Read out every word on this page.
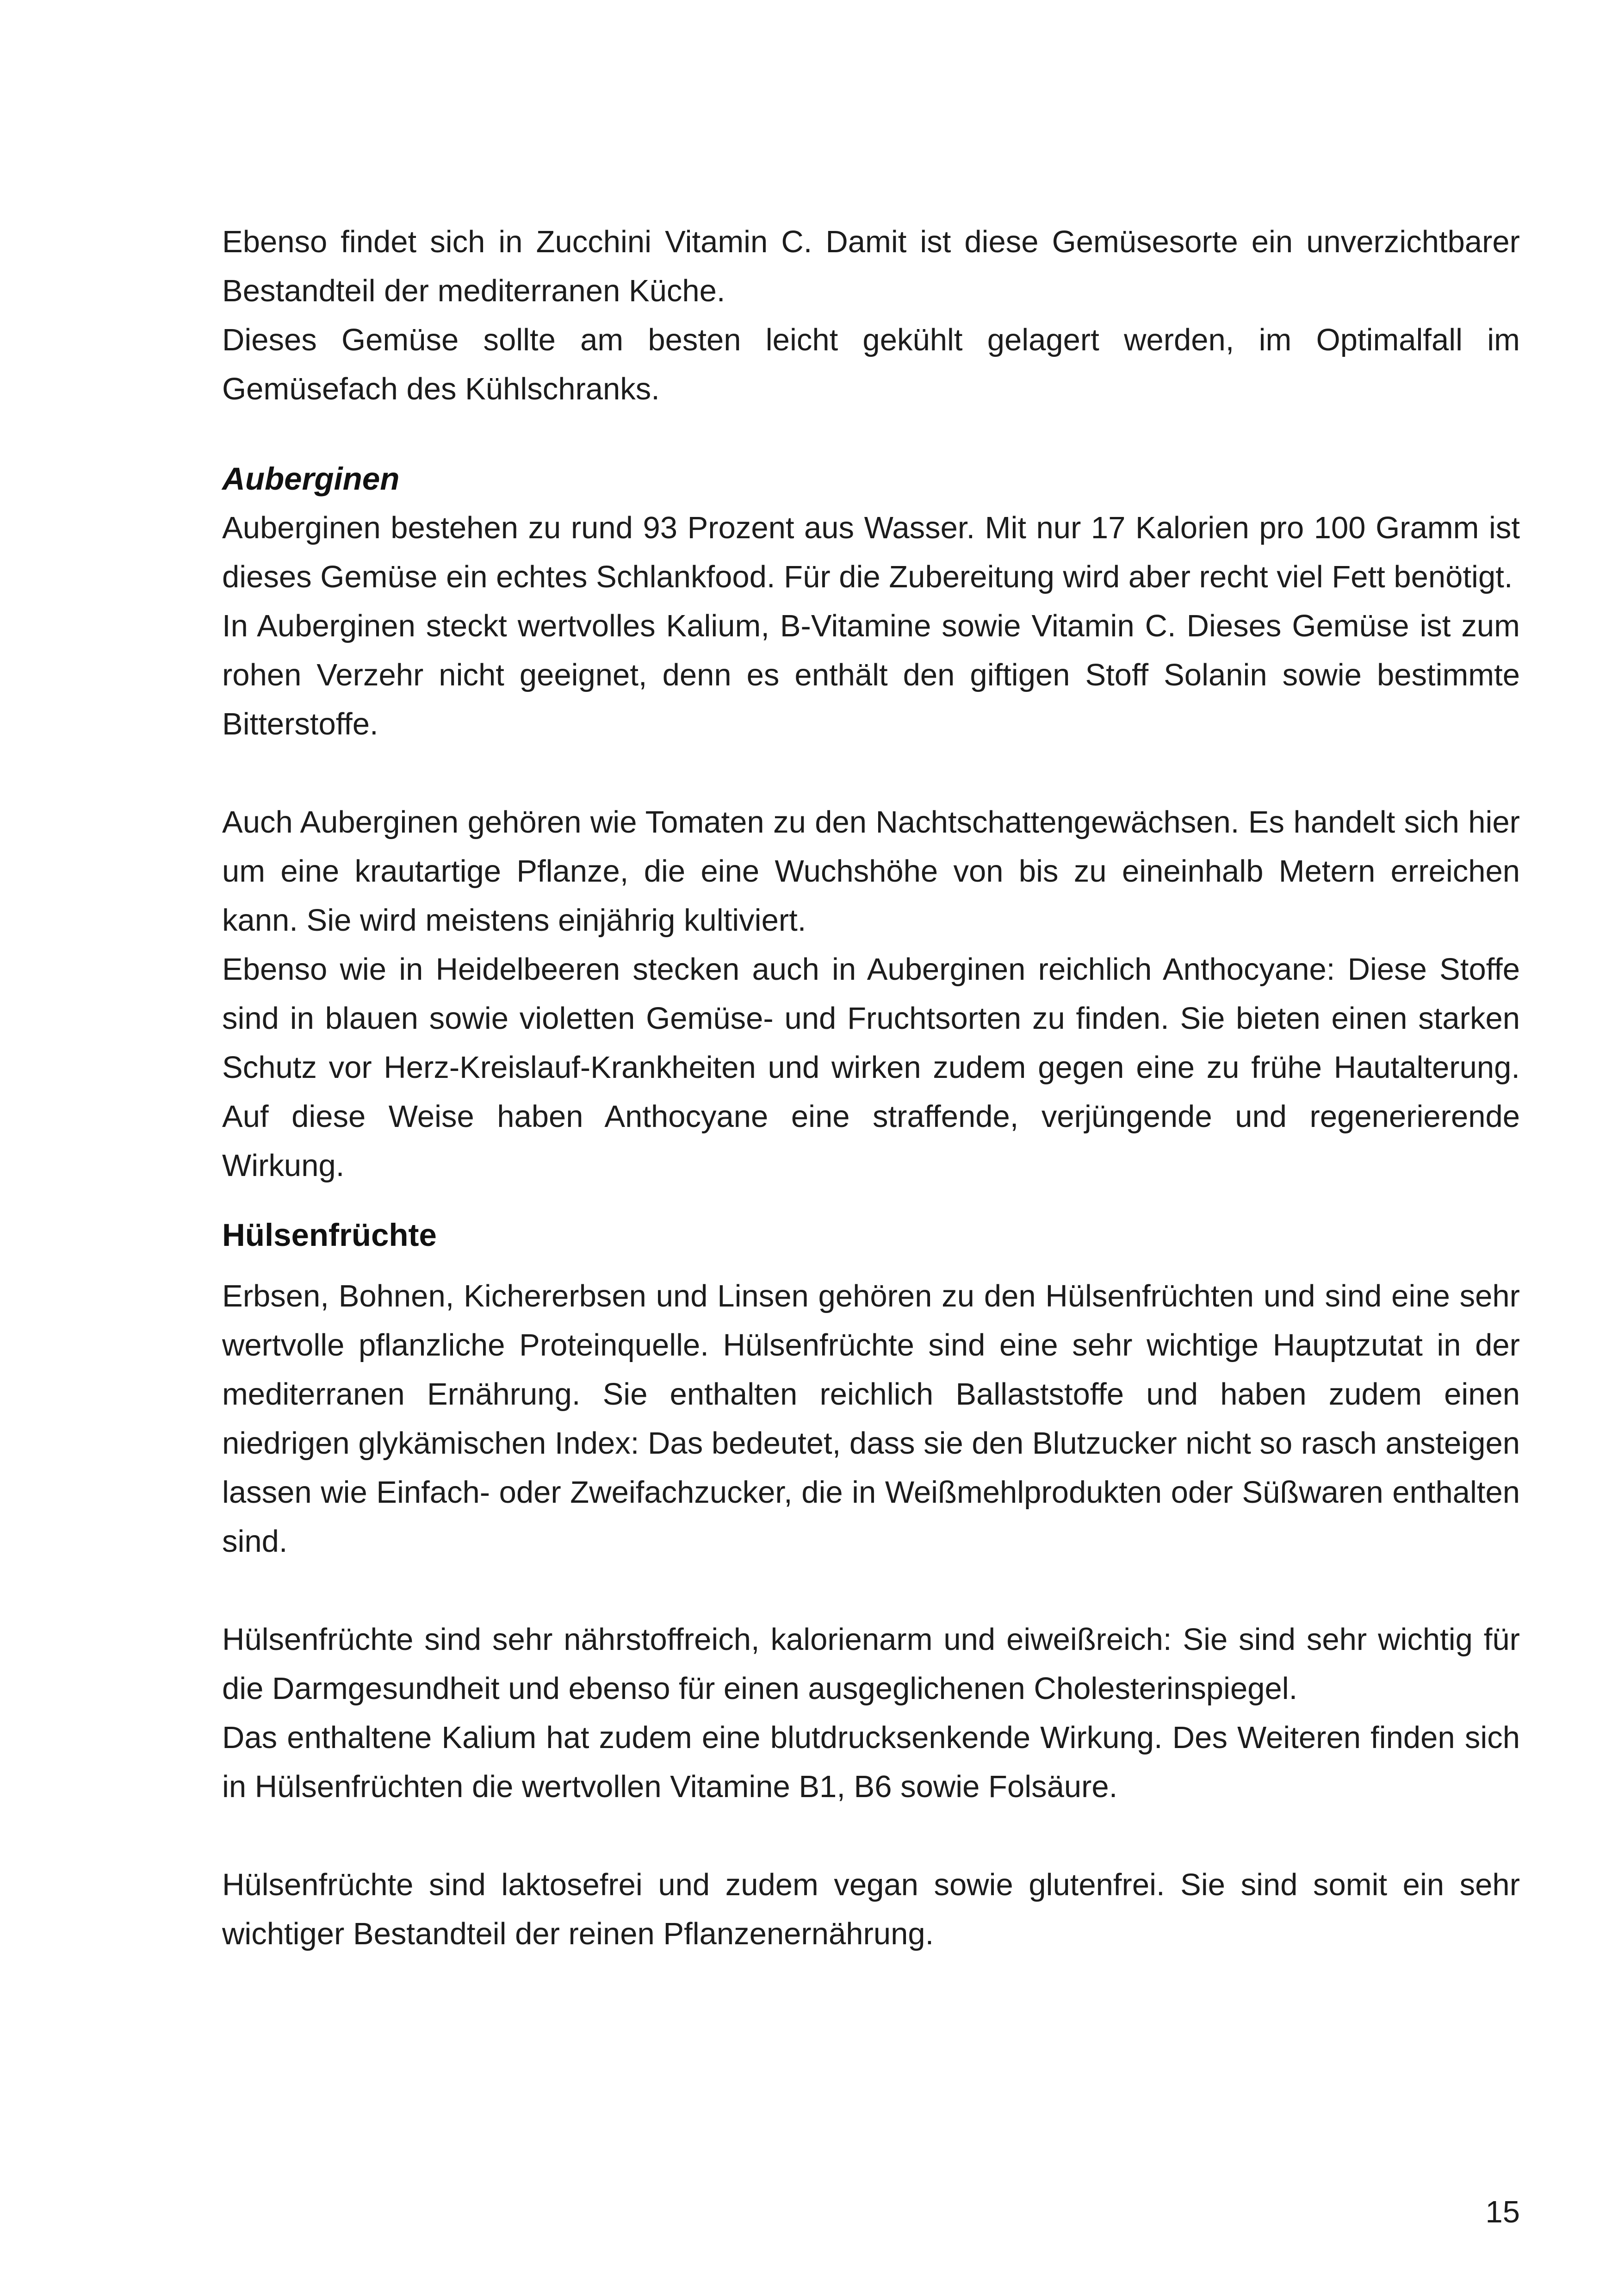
Ebenso findet sich in Zucchini Vitamin C. Damit ist diese Gemüsesorte ein unverzichtbarer Bestandteil der mediterranen Küche.

Dieses Gemüse sollte am besten leicht gekühlt gelagert werden, im Optimalfall im Gemüsefach des Kühlschranks.

Auberginen

Auberginen bestehen zu rund 93 Prozent aus Wasser. Mit nur 17 Kalorien pro 100 Gramm ist dieses Gemüse ein echtes Schlankfood. Für die Zubereitung wird aber recht viel Fett benötigt.

In Auberginen steckt wertvolles Kalium, B-Vitamine sowie Vitamin C. Dieses Gemüse ist zum rohen Verzehr nicht geeignet, denn es enthält den giftigen Stoff Solanin sowie bestimmte Bitterstoffe.

Auch Auberginen gehören wie Tomaten zu den Nachtschattengewächsen. Es handelt sich hier um eine krautartige Pflanze, die eine Wuchshöhe von bis zu eineinhalb Metern erreichen kann. Sie wird meistens einjährig kultiviert.

Ebenso wie in Heidelbeeren stecken auch in Auberginen reichlich Anthocyane: Diese Stoffe sind in blauen sowie violetten Gemüse- und Fruchtsorten zu finden. Sie bieten einen starken Schutz vor Herz-Kreislauf-Krankheiten und wirken zudem gegen eine zu frühe Hautalterung. Auf diese Weise haben Anthocyane eine straffende, verjüngende und regenerierende Wirkung.

Hülsenfrüchte

Erbsen, Bohnen, Kichererbsen und Linsen gehören zu den Hülsenfrüchten und sind eine sehr wertvolle pflanzliche Proteinquelle. Hülsenfrüchte sind eine sehr wichtige Hauptzutat in der mediterranen Ernährung. Sie enthalten reichlich Ballaststoffe und haben zudem einen niedrigen glykämischen Index: Das bedeutet, dass sie den Blutzucker nicht so rasch ansteigen lassen wie Einfach- oder Zweifachzucker, die in Weißmehlprodukten oder Süßwaren enthalten sind.

Hülsenfrüchte sind sehr nährstoffreich, kalorienarm und eiweißreich: Sie sind sehr wichtig für die Darmgesundheit und ebenso für einen ausgeglichenen Cholesterinspiegel.

Das enthaltene Kalium hat zudem eine blutdrucksenkende Wirkung. Des Weiteren finden sich in Hülsenfrüchten die wertvollen Vitamine B1, B6 sowie Folsäure.

Hülsenfrüchte sind laktosefrei und zudem vegan sowie glutenfrei. Sie sind somit ein sehr wichtiger Bestandteil der reinen Pflanzenernährung.

15
